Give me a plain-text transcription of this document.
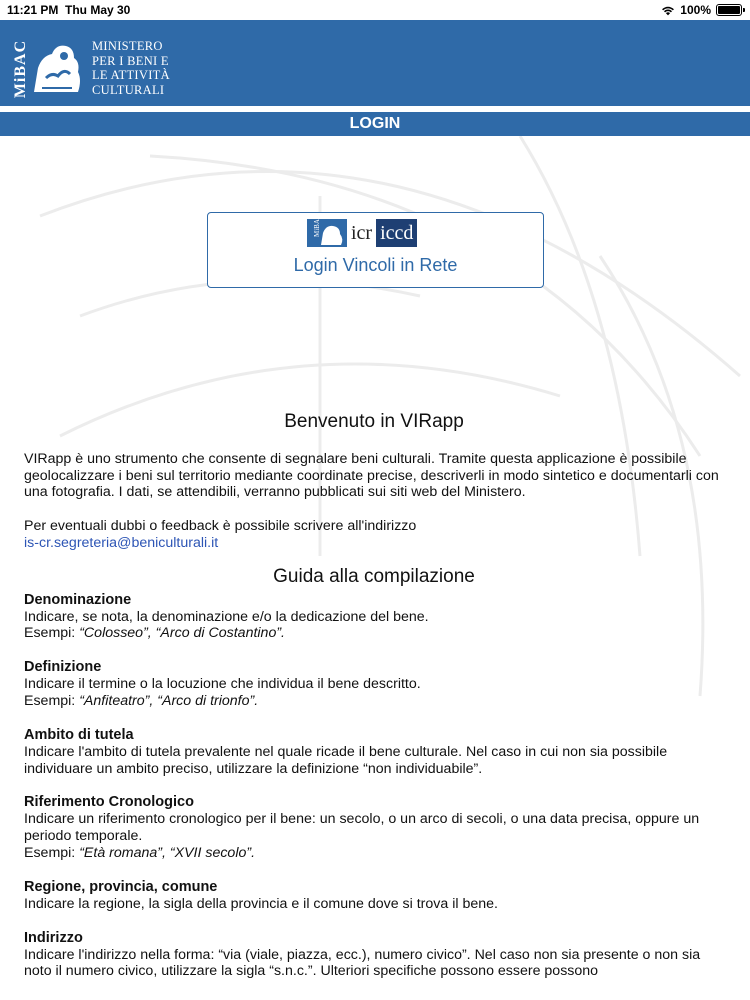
11:21 PM Thu May 30	100%
MiBAC	MINISTERO
PER I BENI E
LE ATTIVITÀ
CULTURALI
LOGIN
MiBAC icr iccd
Login Vincoli in Rete
Benvenuto in VIRapp

VIRapp è uno strumento che consente di segnalare beni culturali. Tramite questa applicazione è possibile geolocalizzare i beni sul territorio mediante coordinate precise, descriverli in modo sintetico e documentarli con una fotografia. I dati, se attendibili, verranno pubblicati sui siti web del Ministero.

Per eventuali dubbi o feedback è possibile scrivere all'indirizzo

is-cr.segreteria@beniculturali.it

Guida alla compilazione
Denominazione

Indicare, se nota, la denominazione e/o la dedicazione del bene.

Esempi: “Colosseo”, “Arco di Costantino”.

Definizione

Indicare il termine o la locuzione che individua il bene descritto.

Esempi: “Anfiteatro”, “Arco di trionfo”.

Ambito di tutela

Indicare l'ambito di tutela prevalente nel quale ricade il bene culturale. Nel caso in cui non sia possibile individuare un ambito preciso, utilizzare la definizione “non individuabile”.

Riferimento Cronologico

Indicare un riferimento cronologico per il bene: un secolo, o un arco di secoli, o una data precisa, oppure un periodo temporale.

Esempi: “Età romana”, “XVII secolo”.

Regione, provincia, comune

Indicare la regione, la sigla della provincia e il comune dove si trova il bene.

Indirizzo

Indicare l'indirizzo nella forma: “via (viale, piazza, ecc.), numero civico”. Nel caso non sia presente o non sia noto il numero civico, utilizzare la sigla “s.n.c.”. Ulteriori specifiche possono essere possono
